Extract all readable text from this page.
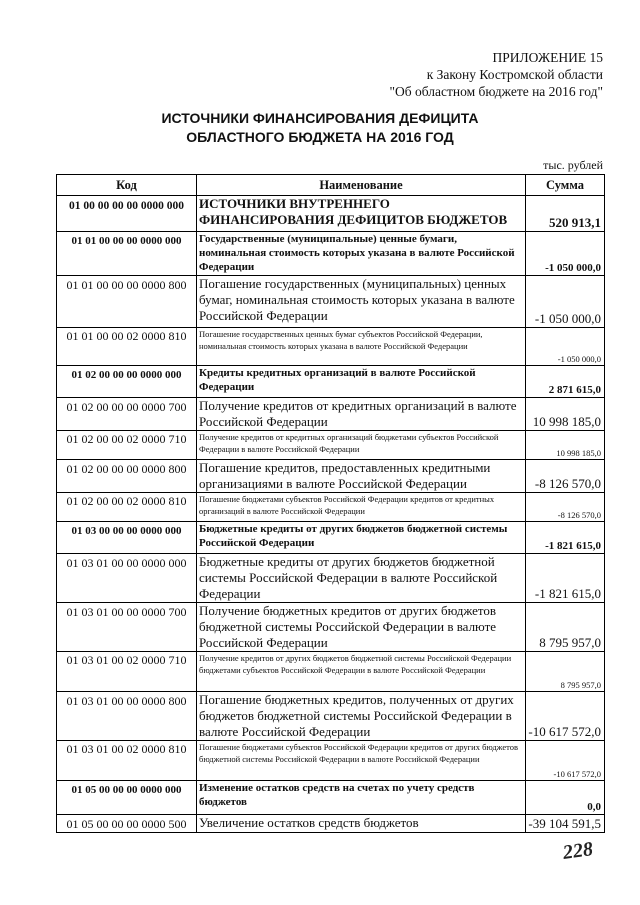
ПРИЛОЖЕНИЕ 15
к Закону Костромской области
"Об областном бюджете на 2016 год"
ИСТОЧНИКИ ФИНАНСИРОВАНИЯ ДЕФИЦИТА
ОБЛАСТНОГО БЮДЖЕТА НА 2016 ГОД
тыс. рублей
Код	Наименование	Сумма
01 00 00 00 00 0000 000	ИСТОЧНИКИ ВНУТРЕННЕГО ФИНАНСИРОВАНИЯ ДЕФИЦИТОВ БЮДЖЕТОВ	520 913,1
01 01 00 00 00 0000 000	Государственные (муниципальные) ценные бумаги, номинальная стоимость которых указана в валюте Российской Федерации	-1 050 000,0
01 01 00 00 00 0000 800	Погашение государственных (муниципальных) ценных бумаг, номинальная стоимость которых указана в валюте Российской Федерации	-1 050 000,0
01 01 00 00 02 0000 810	Погашение государственных ценных бумаг субъектов Российской Федерации, номинальная стоимость которых указана в валюте Российской Федерации	-1 050 000,0
01 02 00 00 00 0000 000	Кредиты кредитных организаций в валюте Российской Федерации	2 871 615,0
01 02 00 00 00 0000 700	Получение кредитов от кредитных организаций в валюте Российской Федерации	10 998 185,0
01 02 00 00 02 0000 710	Получение кредитов от кредитных организаций бюджетами субъектов Российской Федерации в валюте Российской Федерации	10 998 185,0
01 02 00 00 00 0000 800	Погашение кредитов, предоставленных кредитными организациями в валюте Российской Федерации	-8 126 570,0
01 02 00 00 02 0000 810	Погашение бюджетами субъектов Российской Федерации кредитов от кредитных организаций в валюте Российской Федерации	-8 126 570,0
01 03 00 00 00 0000 000	Бюджетные кредиты от других бюджетов бюджетной системы Российской Федерации	-1 821 615,0
01 03 01 00 00 0000 000	Бюджетные кредиты от других бюджетов бюджетной системы Российской Федерации в валюте Российской Федерации	-1 821 615,0
01 03 01 00 00 0000 700	Получение бюджетных кредитов от других бюджетов бюджетной системы Российской Федерации в валюте Российской Федерации	8 795 957,0
01 03 01 00 02 0000 710	Получение кредитов от других бюджетов бюджетной системы Российской Федерации бюджетами субъектов Российской Федерации в валюте Российской Федерации	8 795 957,0
01 03 01 00 00 0000 800	Погашение бюджетных кредитов, полученных от других бюджетов бюджетной системы Российской Федерации в валюте Российской Федерации	-10 617 572,0
01 03 01 00 02 0000 810	Погашение бюджетами субъектов Российской Федерации кредитов от других бюджетов бюджетной системы Российской Федерации в валюте Российской Федерации	-10 617 572,0
01 05 00 00 00 0000 000	Изменение остатков средств на счетах по учету средств бюджетов	0,0
01 05 00 00 00 0000 500	Увеличение остатков средств бюджетов	-39 104 591,5
228
